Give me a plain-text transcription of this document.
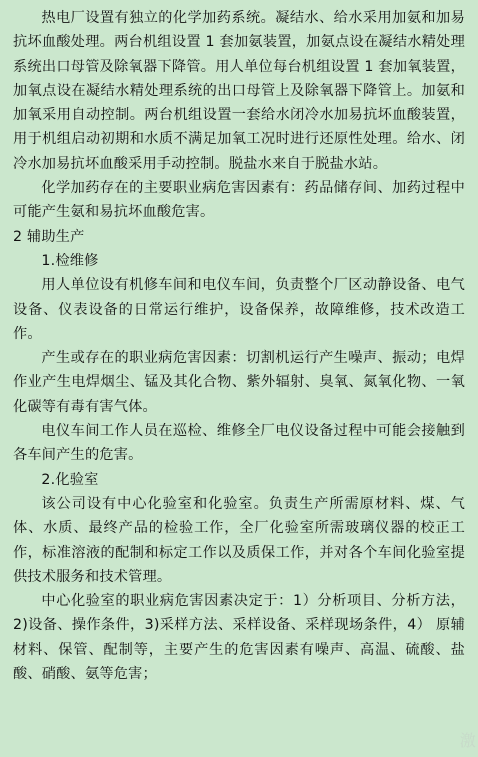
热电厂设置有独立的化学加药系统。凝结水、给水采用加氨和加易抗坏血酸处理。两台机组设置 1 套加氨装置，加氨点设在凝结水精处理系统出口母管及除氧器下降管。用人单位每台机组设置 1 套加氧装置，加氧点设在凝结水精处理系统的出口母管上及除氧器下降管上。加氨和加氧采用自动控制。两台机组设置一套给水闭冷水加易抗坏血酸装置，用于机组启动初期和水质不满足加氧工况时进行还原性处理。给水、闭冷水加易抗坏血酸采用手动控制。脱盐水来自于脱盐水站。

化学加药存在的主要职业病危害因素有：药品储存间、加药过程中可能产生氨和易抗坏血酸危害。

2 辅助生产

1.检维修

用人单位设有机修车间和电仪车间，负责整个厂区动静设备、电气设备、仪表设备的日常运行维护，设备保养，故障维修，技术改造工作。

产生或存在的职业病危害因素：切割机运行产生噪声、振动；电焊作业产生电焊烟尘、锰及其化合物、紫外辐射、臭氧、氮氧化物、一氧化碳等有毒有害气体。

电仪车间工作人员在巡检、维修全厂电仪设备过程中可能会接触到各车间产生的危害。

2.化验室

该公司设有中心化验室和化验室。负责生产所需原材料、煤、气体、水质、最终产品的检验工作，全厂化验室所需玻璃仪器的校正工作，标准溶液的配制和标定工作以及质保工作，并对各个车间化验室提供技术服务和技术管理。

中心化验室的职业病危害因素决定于：1）分析项目、分析方法，2)设备、操作条件，3)采样方法、采样设备、采样现场条件，4） 原辅材料、保管、配制等，主要产生的危害因素有噪声、高温、硫酸、盐酸、硝酸、氨等危害；

激
